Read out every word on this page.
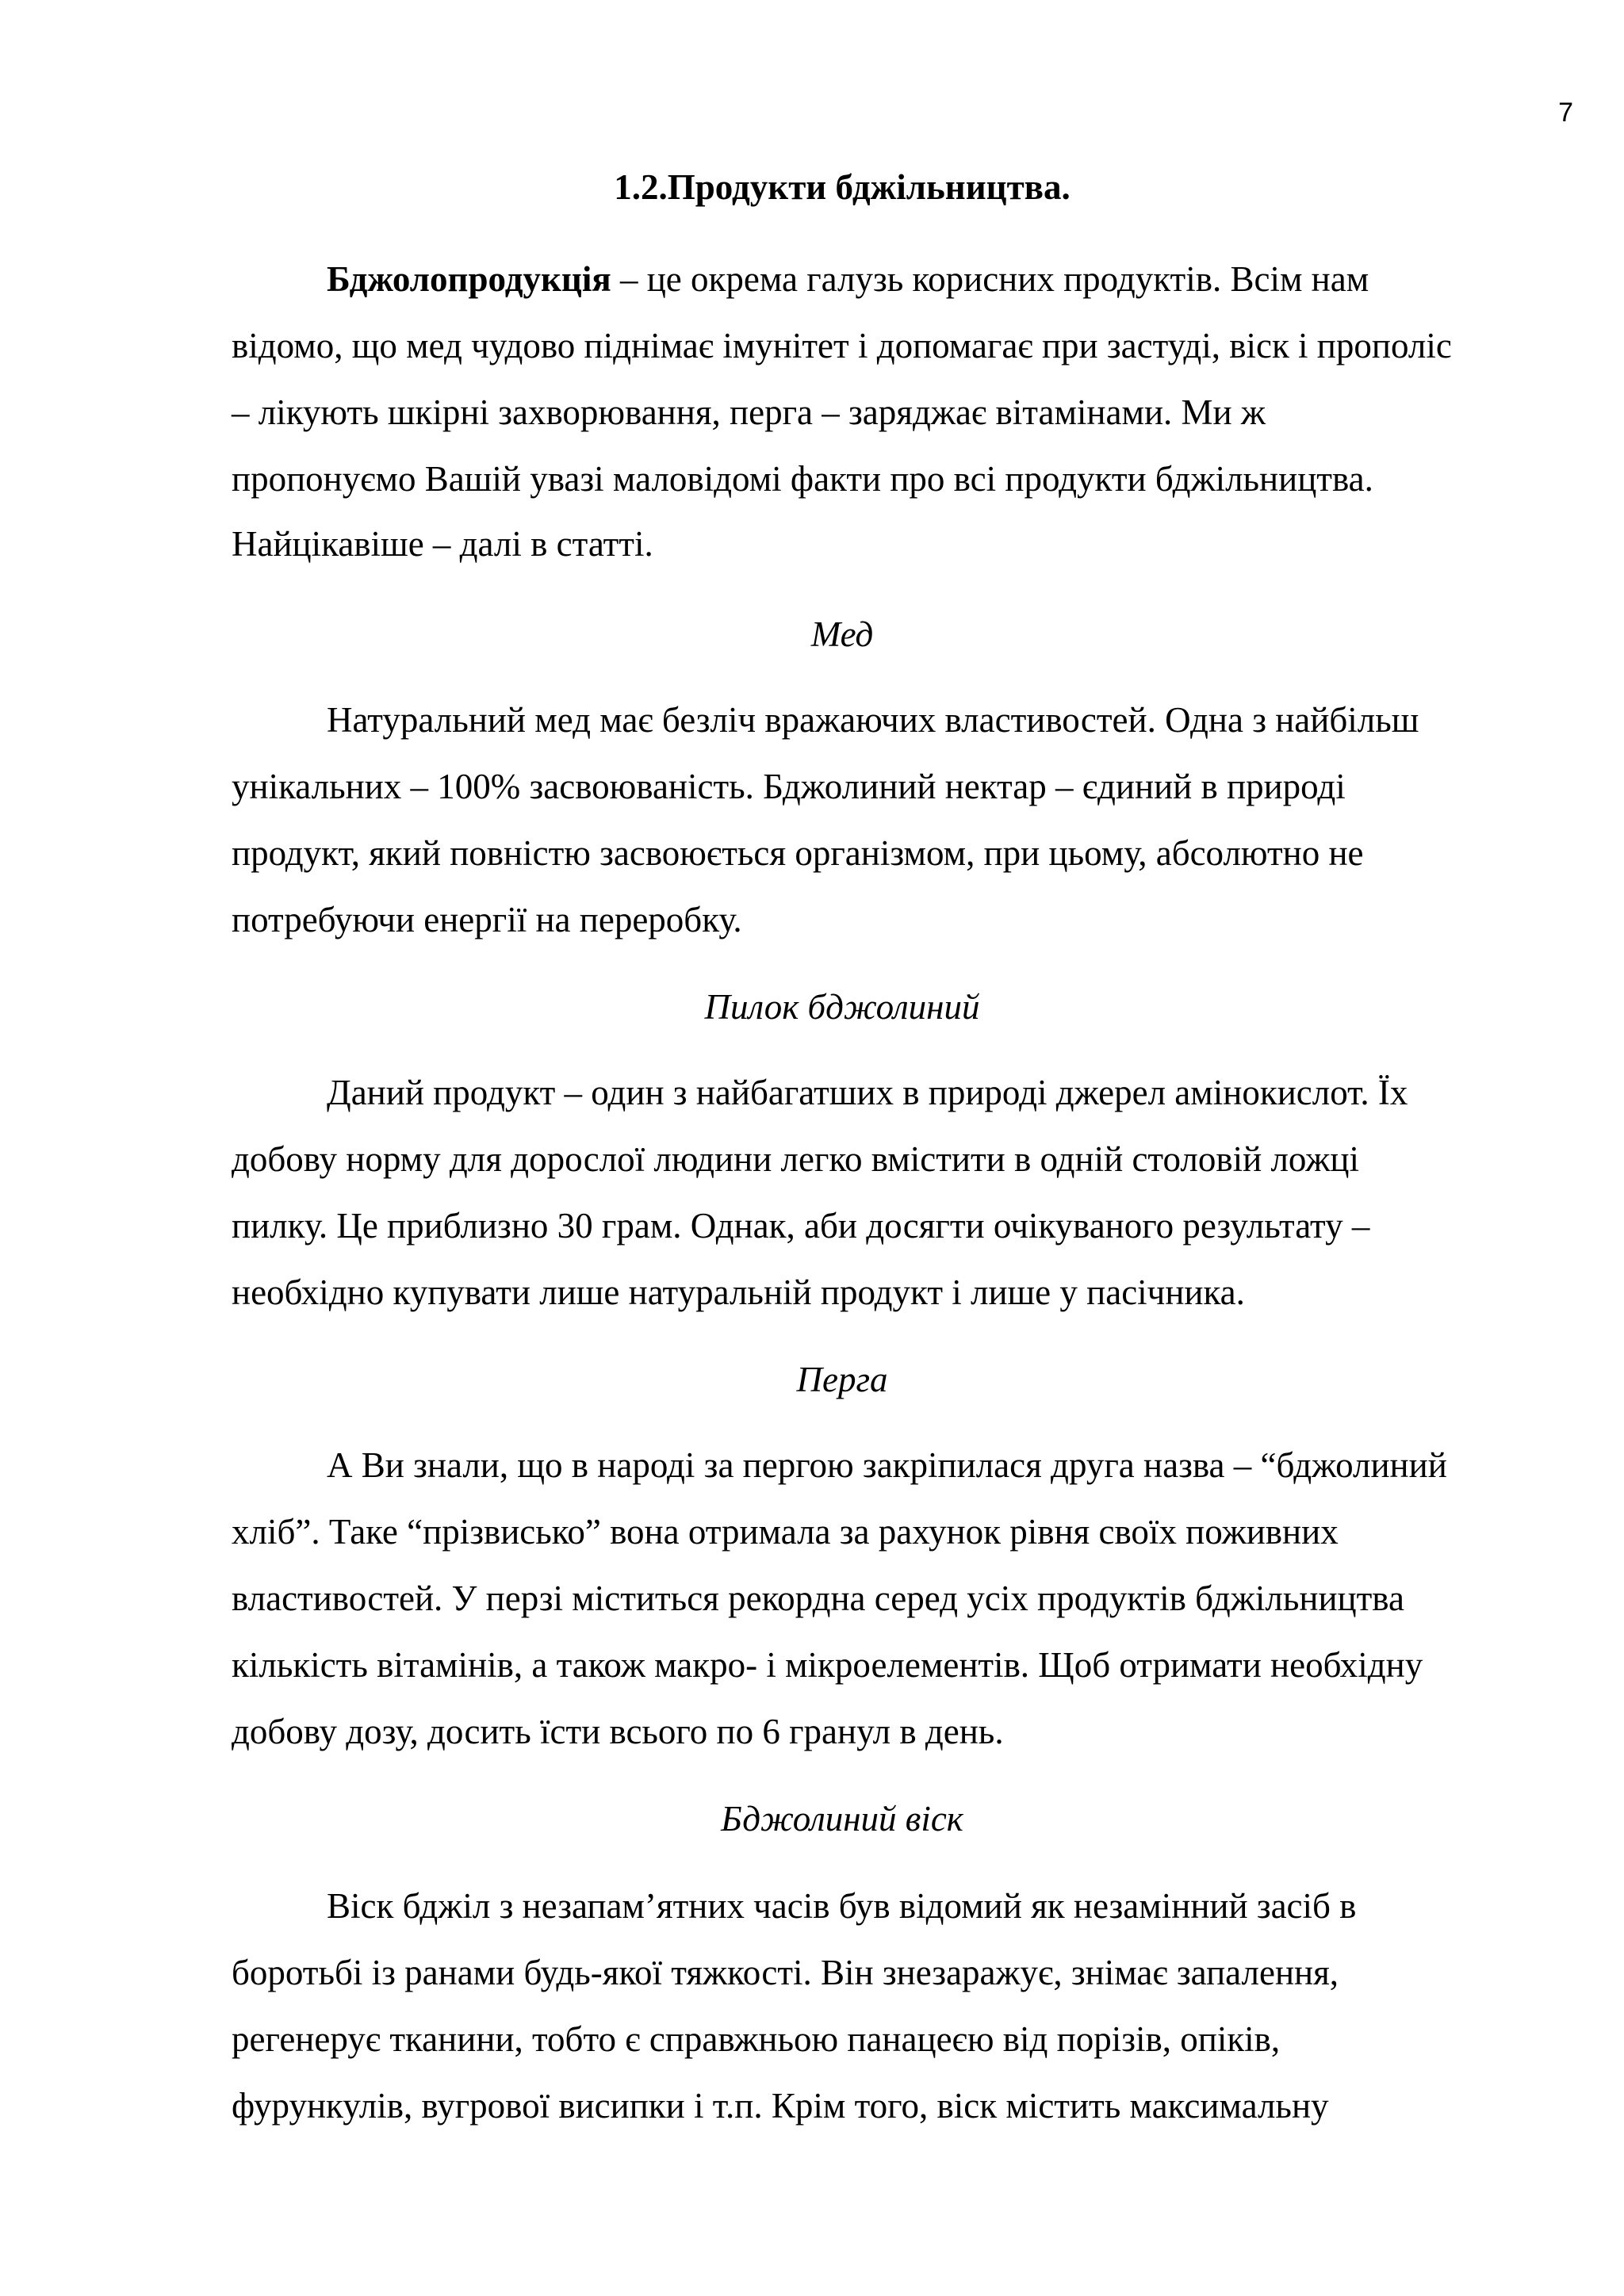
7
1.2.Продукти бджільництва.
Бджолопродукція – це окрема галузь корисних продуктів. Всім нам
відомо, що мед чудово піднімає імунітет і допомагає при застуді, віск і прополіс
– лікують шкірні захворювання, перга – заряджає вітамінами. Ми ж
пропонуємо Вашій увазі маловідомі факти про всі продукти бджільництва.
Найцікавіше – далі в статті.
Мед
Натуральний мед має безліч вражаючих властивостей. Одна з найбільш
унікальних – 100% засвоюваність. Бджолиний нектар – єдиний в природі
продукт, який повністю засвоюється організмом, при цьому, абсолютно не
потребуючи енергії на переробку.
Пилок бджолиний
Даний продукт – один з найбагатших в природі джерел амінокислот. Їх
добову норму для дорослої людини легко вмістити в одній столовій ложці
пилку. Це приблизно 30 грам. Однак, аби досягти очікуваного результату –
необхідно купувати лише натуральній продукт і лише у пасічника.
Перга
А Ви знали, що в народі за пергою закріпилася друга назва – “бджолиний
хліб”. Таке “прізвисько” вона отримала за рахунок рівня своїх поживних
властивостей. У перзі міститься рекордна серед усіх продуктів бджільництва
кількість вітамінів, а також макро- і мікроелементів. Щоб отримати необхідну
добову дозу, досить їсти всього по 6 гранул в день.
Бджолиний віск
Віск бджіл з незапам’ятних часів був відомий як незамінний засіб в
боротьбі із ранами будь-якої тяжкості. Він знезаражує, знімає запалення,
регенерує тканини, тобто є справжньою панацеєю від порізів, опіків,
фурункулів, вугрової висипки і т.п. Крім того, віск містить максимальну
